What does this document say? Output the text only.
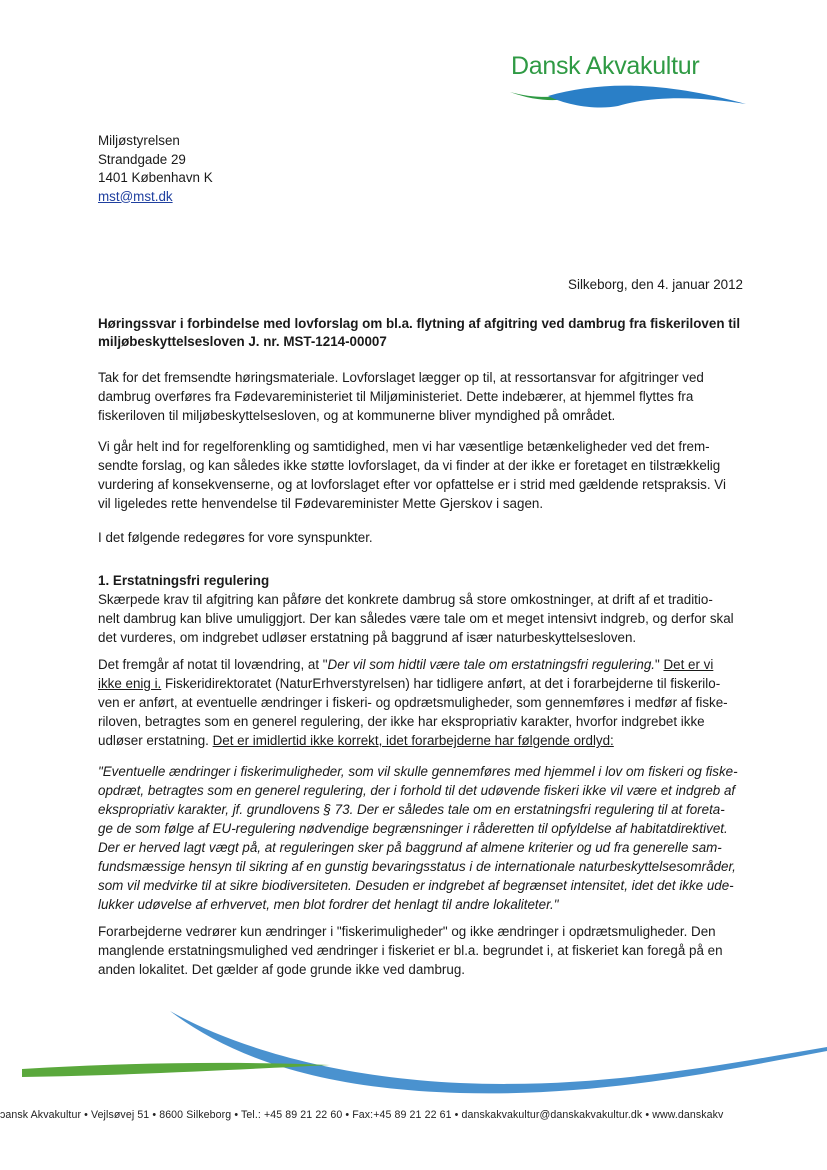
Dansk Akvakultur
Miljøstyrelsen
Strandgade 29
1401 København K
mst@mst.dk
Silkeborg, den 4. januar 2012
Høringssvar i forbindelse med lovforslag om bl.a. flytning af afgitring ved dambrug fra fiskeriloven til
miljøbeskyttelsesloven J. nr. MST-1214-00007
Tak for det fremsendte høringsmateriale. Lovforslaget lægger op til, at ressortansvar for afgitringer ved
dambrug overføres fra Fødevareministeriet til Miljøministeriet. Dette indebærer, at hjemmel flyttes fra
fiskeriloven til miljøbeskyttelsesloven, og at kommunerne bliver myndighed på området.
Vi går helt ind for regelforenkling og samtidighed, men vi har væsentlige betænkeligheder ved det frem-
sendte forslag, og kan således ikke støtte lovforslaget, da vi finder at der ikke er foretaget en tilstrækkelig
vurdering af konsekvenserne, og at lovforslaget efter vor opfattelse er i strid med gældende retspraksis. Vi
vil ligeledes rette henvendelse til Fødevareminister Mette Gjerskov i sagen.
I det følgende redegøres for vore synspunkter.
1. Erstatningsfri regulering
Skærpede krav til afgitring kan påføre det konkrete dambrug så store omkostninger, at drift af et traditio-
nelt dambrug kan blive umuliggjort. Der kan således være tale om et meget intensivt indgreb, og derfor skal
det vurderes, om indgrebet udløser erstatning på baggrund af især naturbeskyttelsesloven.
Det fremgår af notat til lovændring, at "Der vil som hidtil være tale om erstatningsfri regulering." Det er vi
ikke enig i. Fiskeridirektoratet (NaturErhverstyrelsen) har tidligere anført, at det i forarbejderne til fiskerilo-
ven er anført, at eventuelle ændringer i fiskeri- og opdrætsmuligheder, som gennemføres i medfør af fiske-
riloven, betragtes som en generel regulering, der ikke har ekspropriativ karakter, hvorfor indgrebet ikke
udløser erstatning. Det er imidlertid ikke korrekt, idet forarbejderne har følgende ordlyd:
"Eventuelle ændringer i fiskerimuligheder, som vil skulle gennemføres med hjemmel i lov om fiskeri og fiske-
opdræt, betragtes som en generel regulering, der i forhold til det udøvende fiskeri ikke vil være et indgreb af
ekspropriativ karakter, jf. grundlovens § 73. Der er således tale om en erstatningsfri regulering til at foreta-
ge de som følge af EU-regulering nødvendige begrænsninger i råderetten til opfyldelse af habitatdirektivet.
Der er herved lagt vægt på, at reguleringen sker på baggrund af almene kriterier og ud fra generelle sam-
fundsmæssige hensyn til sikring af en gunstig bevaringsstatus i de internationale naturbeskyttelsesområder,
som vil medvirke til at sikre biodiversiteten. Desuden er indgrebet af begrænset intensitet, idet det ikke ude-
lukker udøvelse af erhvervet, men blot fordrer det henlagt til andre lokaliteter."
Forarbejderne vedrører kun ændringer i "fiskerimuligheder" og ikke ændringer i opdrætsmuligheder. Den
manglende erstatningsmulighed ved ændringer i fiskeriet er bl.a. begrundet i, at fiskeriet kan foregå på en
anden lokalitet. Det gælder af gode grunde ikke ved dambrug.
ɔansk Akvakultur • Vejlsøvej 51 • 8600 Silkeborg • Tel.: +45 89 21 22 60 • Fax:+45 89 21 22 61 • danskakvakultur@danskakvakultur.dk • www.danskakv
